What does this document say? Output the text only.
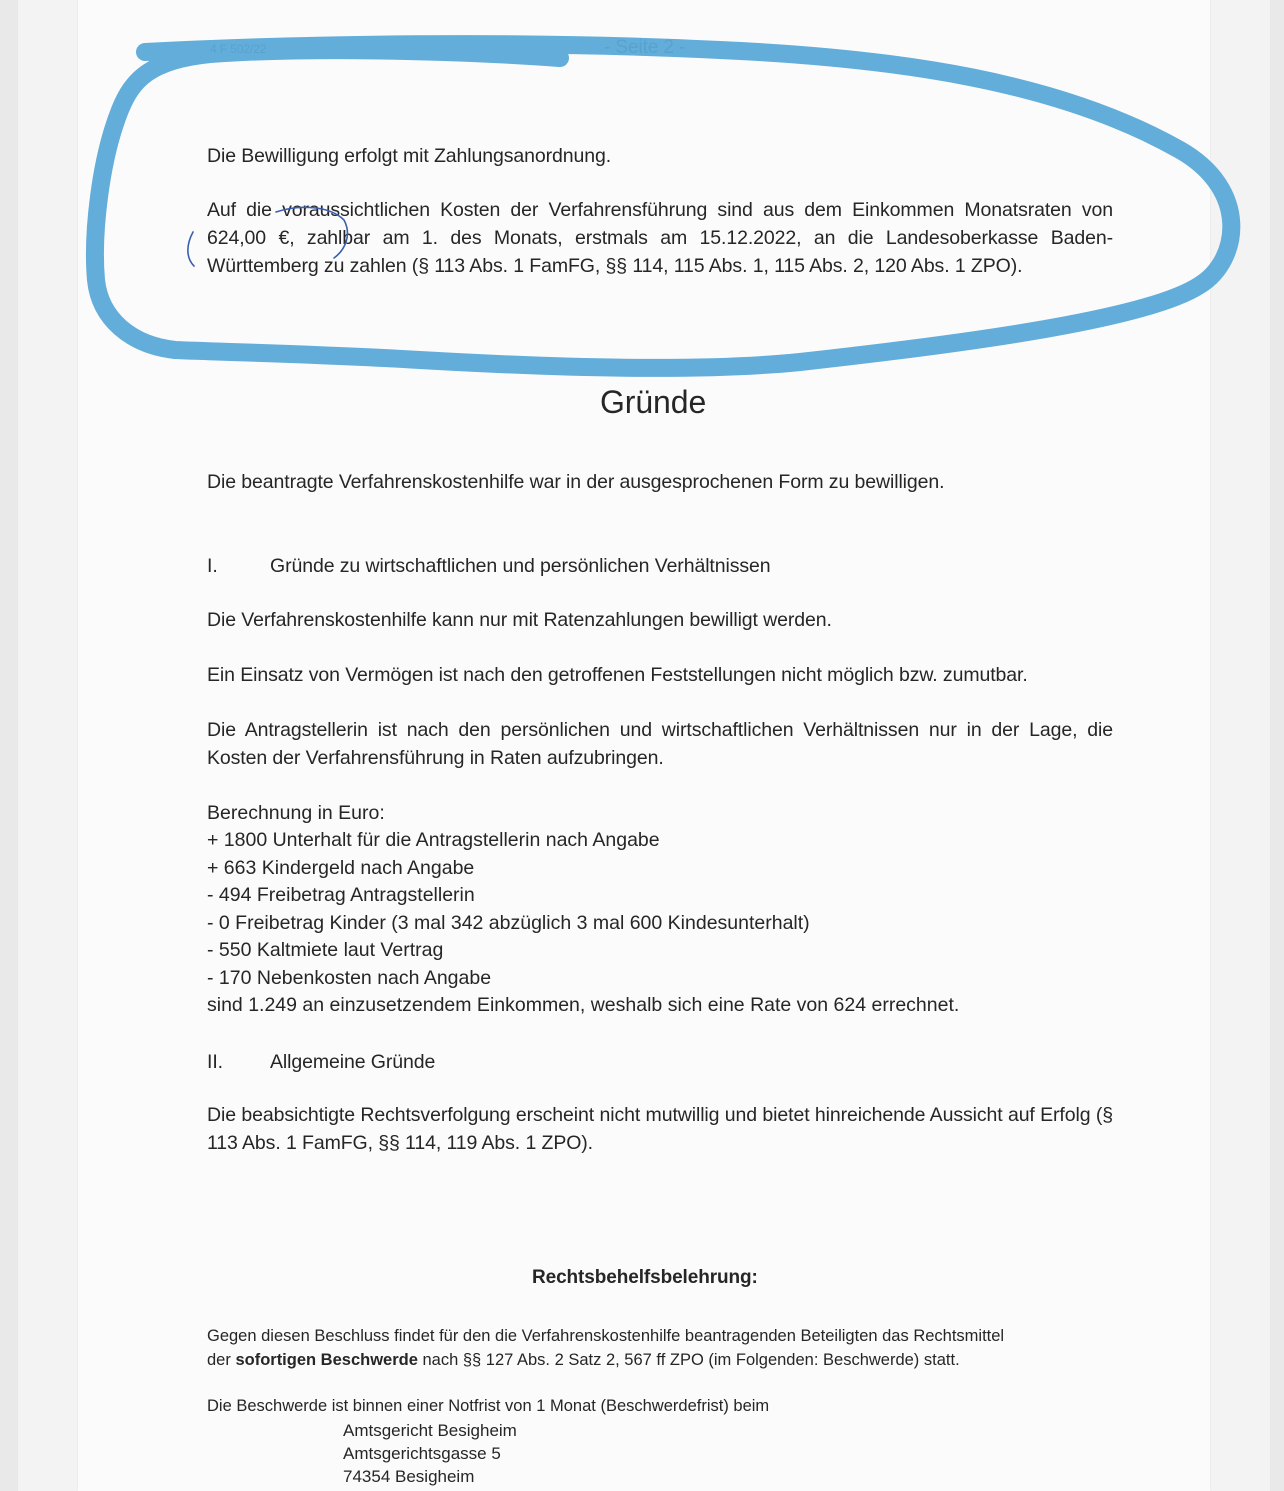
4 F 502/22	- Seite 2 -
Die Bewilligung erfolgt mit Zahlungsanordnung.
Auf die voraussichtlichen Kosten der Verfahrensführung sind aus dem Einkommen Monatsraten von 624,00 €, zahlbar am 1. des Monats, erstmals am 15.12.2022, an die Landesoberkasse Baden-Württemberg zu zahlen (§ 113 Abs. 1 FamFG, §§ 114, 115 Abs. 1, 115 Abs. 2, 120 Abs. 1 ZPO).
Gründe
Die beantragte Verfahrenskostenhilfe war in der ausgesprochenen Form zu bewilligen.
I.	Gründe zu wirtschaftlichen und persönlichen Verhältnissen
Die Verfahrenskostenhilfe kann nur mit Ratenzahlungen bewilligt werden.
Ein Einsatz von Vermögen ist nach den getroffenen Feststellungen nicht möglich bzw. zumutbar.
Die Antragstellerin ist nach den persönlichen und wirtschaftlichen Verhältnissen nur in der Lage, die Kosten der Verfahrensführung in Raten aufzubringen.
Berechnung in Euro:
+ 1800 Unterhalt für die Antragstellerin nach Angabe
+ 663 Kindergeld nach Angabe
- 494 Freibetrag Antragstellerin
- 0 Freibetrag Kinder (3 mal 342 abzüglich 3 mal 600 Kindesunterhalt)
- 550 Kaltmiete laut Vertrag
- 170 Nebenkosten nach Angabe
sind 1.249 an einzusetzendem Einkommen, weshalb sich eine Rate von 624 errechnet.
II. Allgemeine Gründe
Die beabsichtigte Rechtsverfolgung erscheint nicht mutwillig und bietet hinreichende Aussicht auf Erfolg (§ 113 Abs. 1 FamFG, §§ 114, 119 Abs. 1 ZPO).
Rechtsbehelfsbelehrung:
Gegen diesen Beschluss findet für den die Verfahrenskostenhilfe beantragenden Beteiligten das Rechtsmittel
der sofortigen Beschwerde nach §§ 127 Abs. 2 Satz 2, 567 ff ZPO (im Folgenden: Beschwerde) statt.
Die Beschwerde ist binnen einer Notfrist von 1 Monat (Beschwerdefrist) beim
Amtsgericht Besigheim
Amtsgerichtsgasse 5
74354 Besigheim
